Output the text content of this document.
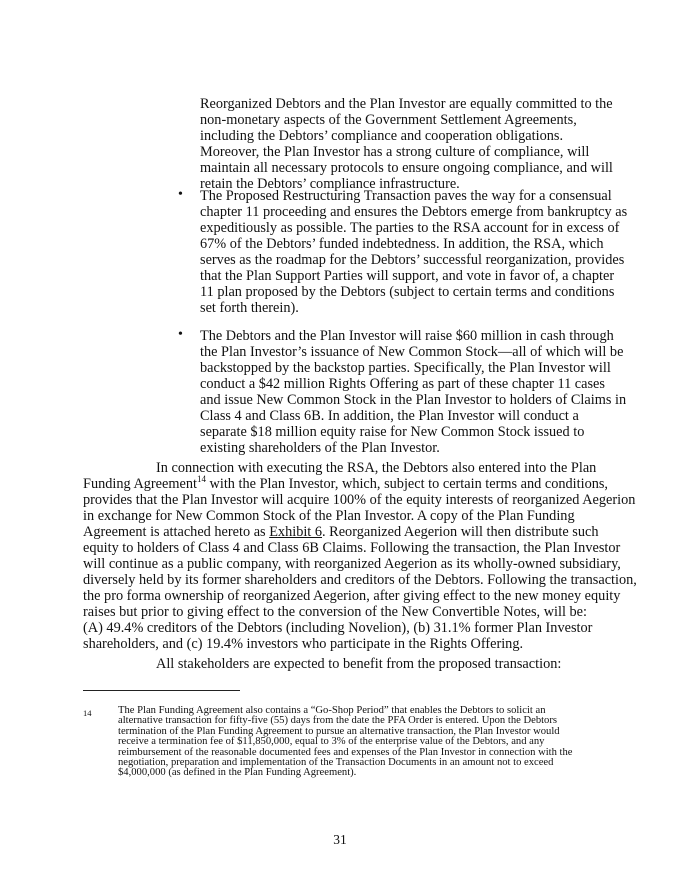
Reorganized Debtors and the Plan Investor are equally committed to the
non-monetary aspects of the Government Settlement Agreements,
including the Debtors’ compliance and cooperation obligations.
Moreover, the Plan Investor has a strong culture of compliance, will
maintain all necessary protocols to ensure ongoing compliance, and will
retain the Debtors’ compliance infrastructure.
• The Proposed Restructuring Transaction paves the way for a consensual
chapter 11 proceeding and ensures the Debtors emerge from bankruptcy as
expeditiously as possible. The parties to the RSA account for in excess of
67% of the Debtors’ funded indebtedness. In addition, the RSA, which
serves as the roadmap for the Debtors’ successful reorganization, provides
that the Plan Support Parties will support, and vote in favor of, a chapter
11 plan proposed by the Debtors (subject to certain terms and conditions
set forth therein).
• The Debtors and the Plan Investor will raise $60 million in cash through
the Plan Investor’s issuance of New Common Stock—all of which will be
backstopped by the backstop parties. Specifically, the Plan Investor will
conduct a $42 million Rights Offering as part of these chapter 11 cases
and issue New Common Stock in the Plan Investor to holders of Claims in
Class 4 and Class 6B. In addition, the Plan Investor will conduct a
separate $18 million equity raise for New Common Stock issued to
existing shareholders of the Plan Investor.
In connection with executing the RSA, the Debtors also entered into the Plan
Funding Agreement$^{14}$ with the Plan Investor, which, subject to certain terms and conditions,
provides that the Plan Investor will acquire 100% of the equity interests of reorganized Aegerion
in exchange for New Common Stock of the Plan Investor. A copy of the Plan Funding
Agreement is attached hereto as Exhibit 6. Reorganized Aegerion will then distribute such
equity to holders of Class 4 and Class 6B Claims. Following the transaction, the Plan Investor
will continue as a public company, with reorganized Aegerion as its wholly-owned subsidiary,
diversely held by its former shareholders and creditors of the Debtors. Following the transaction,
the pro forma ownership of reorganized Aegerion, after giving effect to the new money equity
raises but prior to giving effect to the conversion of the New Convertible Notes, will be:
(A) 49.4% creditors of the Debtors (including Novelion), (b) 31.1% former Plan Investor
shareholders, and (c) 19.4% investors who participate in the Rights Offering.
All stakeholders are expected to benefit from the proposed transaction:
14	The Plan Funding Agreement also contains a “Go-Shop Period” that enables the Debtors to solicit an
alternative transaction for fifty-five (55) days from the date the PFA Order is entered. Upon the Debtors
termination of the Plan Funding Agreement to pursue an alternative transaction, the Plan Investor would
receive a termination fee of $11,850,000, equal to 3% of the enterprise value of the Debtors, and any
reimbursement of the reasonable documented fees and expenses of the Plan Investor in connection with the
negotiation, preparation and implementation of the Transaction Documents in an amount not to exceed
$4,000,000 (as defined in the Plan Funding Agreement).
31
